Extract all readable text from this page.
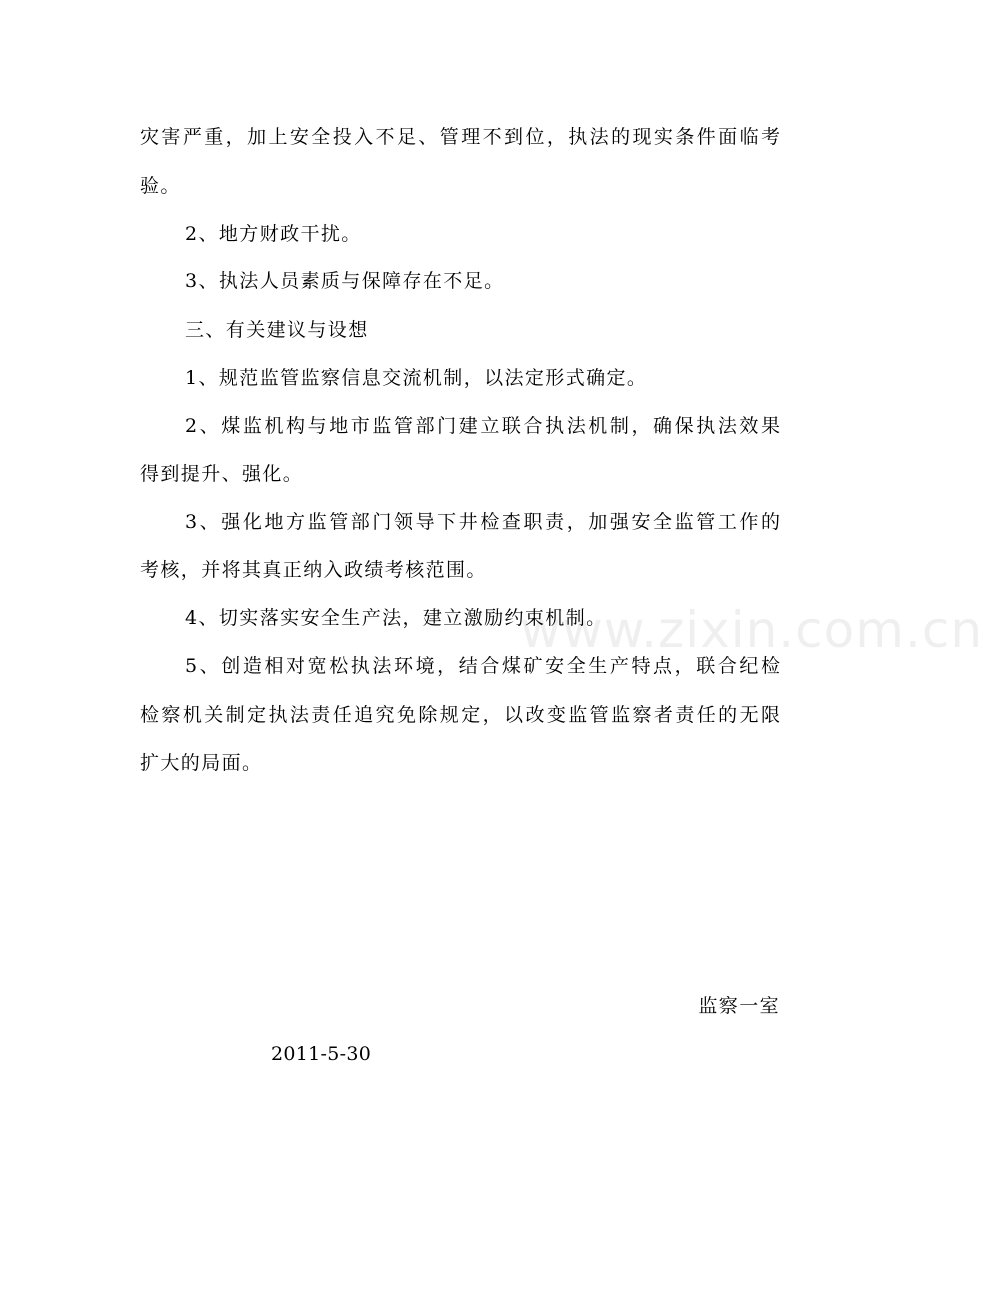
灾害严重，加上安全投入不足、管理不到位，执法的现实条件面临考
验。
2、地方财政干扰。
3、执法人员素质与保障存在不足。
三、有关建议与设想
1、规范监管监察信息交流机制，以法定形式确定。
2、煤监机构与地市监管部门建立联合执法机制，确保执法效果
得到提升、强化。
3、强化地方监管部门领导下井检查职责，加强安全监管工作的
考核，并将其真正纳入政绩考核范围。
4、切实落实安全生产法，建立激励约束机制。
5、创造相对宽松执法环境，结合煤矿安全生产特点，联合纪检
检察机关制定执法责任追究免除规定，以改变监管监察者责任的无限
扩大的局面。
监察一室
2011-5-30
www.zixin.com.cn
